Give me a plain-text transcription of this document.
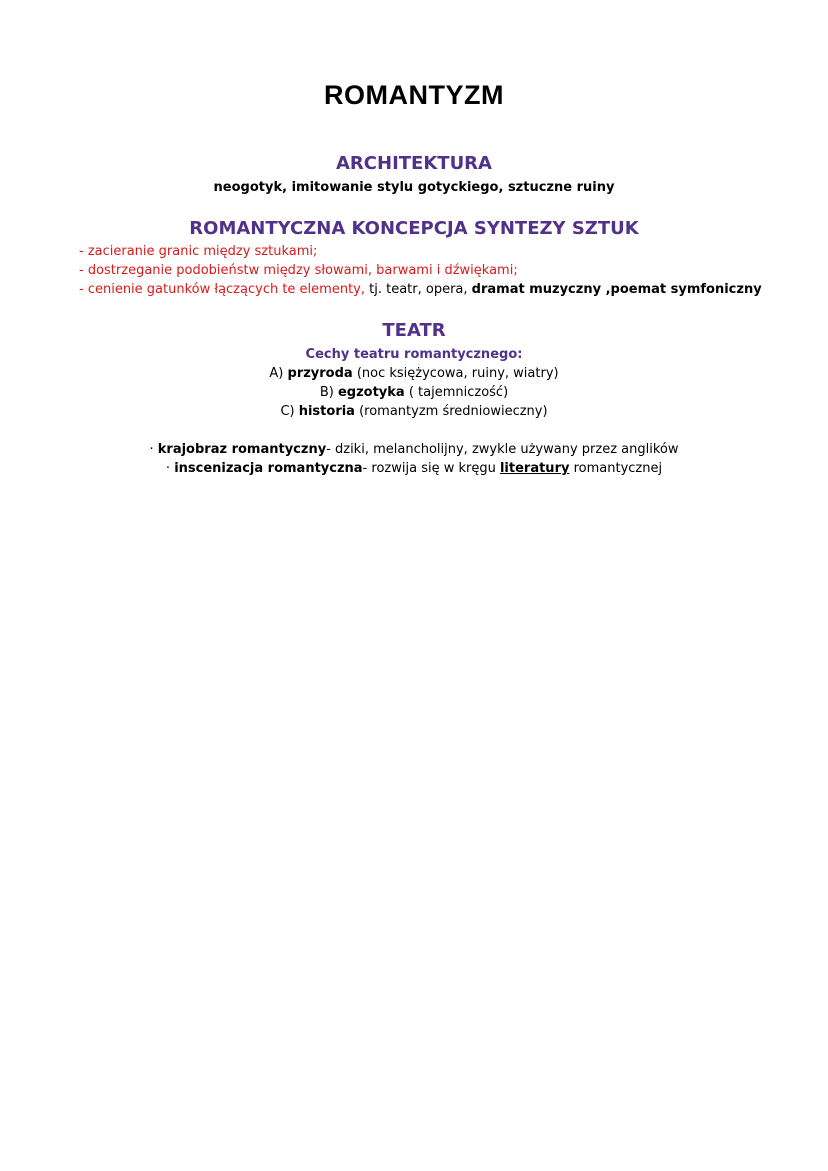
ROMANTYZM
ARCHITEKTURA
neogotyk, imitowanie stylu gotyckiego, sztuczne ruiny
ROMANTYCZNA KONCEPCJA SYNTEZY SZTUK
- zacieranie granic między sztukami;
- dostrzeganie podobieństw między słowami, barwami i dźwiękami;
- cenienie gatunków łączących te elementy, tj. teatr, opera, dramat muzyczny ,poemat symfoniczny
TEATR
Cechy teatru romantycznego:
A) przyroda (noc księżycowa, ruiny, wiatry)
B) egzotyka ( tajemniczość)
C) historia (romantyzm średniowieczny)
· krajobraz romantyczny- dziki, melancholijny, zwykle używany przez anglików
· inscenizacja romantyczna- rozwija się w kręgu literatury romantycznej
